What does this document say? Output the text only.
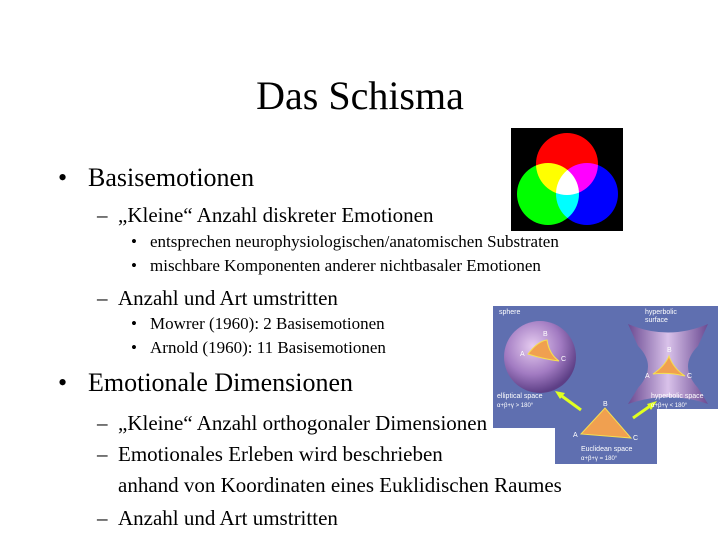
Das Schisma
• Basisemotionen
– „Kleine“ Anzahl diskreter Emotionen
• entsprechen neurophysiologischen/anatomischen Substraten
• mischbare Komponenten anderer nichtbasaler Emotionen
– Anzahl und Art umstritten
• Mowrer (1960): 2 Basisemotionen
• Arnold (1960): 11 Basisemotionen
• Emotionale Dimensionen
– „Kleine“ Anzahl orthogonaler Dimensionen
– Emotionales Erleben wird beschrieben
anhand von Koordinaten eines Euklidischen Raumes
– Anzahl und Art umstritten
sphere	hyperbolic
surface
elliptical space
α+β+γ > 180°
hyperbolic space
α+β+γ < 180°
Euclidean space
α+β+γ = 180°
B
A
C
B
A	C
B
A	C
